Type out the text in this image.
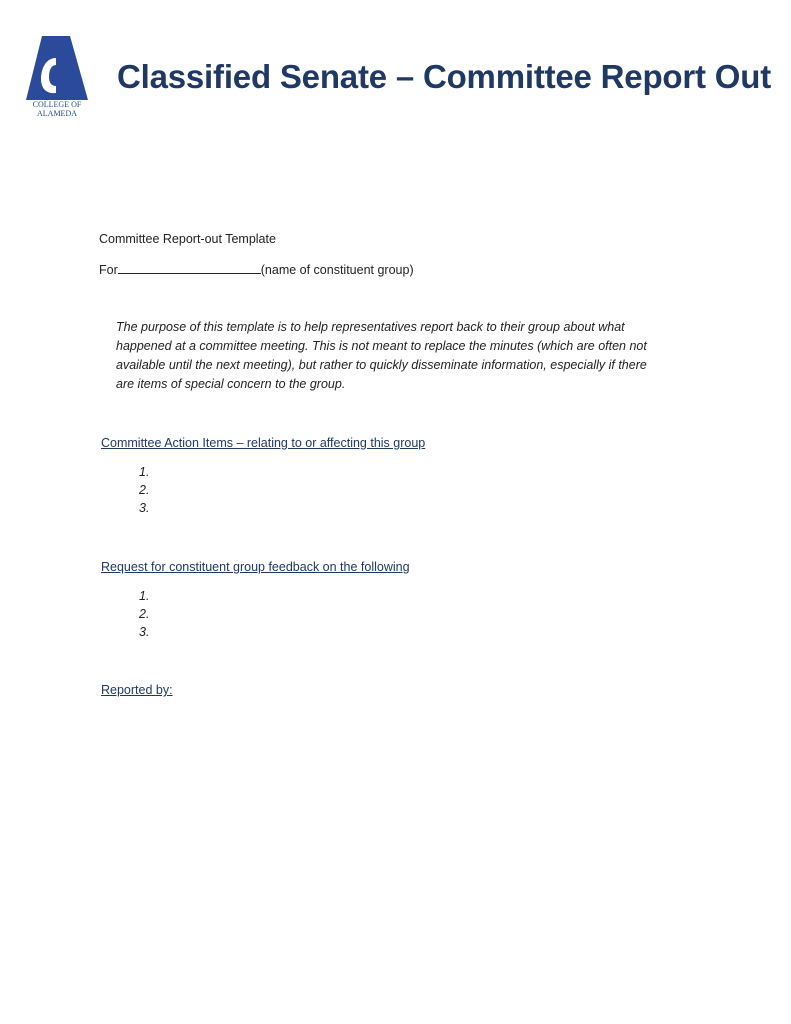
COLLEGE OF
ALAMEDA
Classified Senate – Committee Report Out
Committee Report-out Template
For	(name of constituent group)
The purpose of this template is to help representatives report back to their group about what happened at a committee meeting. This is not meant to replace the minutes (which are often not available until the next meeting), but rather to quickly disseminate information, especially if there are items of special concern to the group.
Committee Action Items – relating to or affecting this group
1.
2.
3.
Request for constituent group feedback on the following
1.
2.
3.
Reported by:
